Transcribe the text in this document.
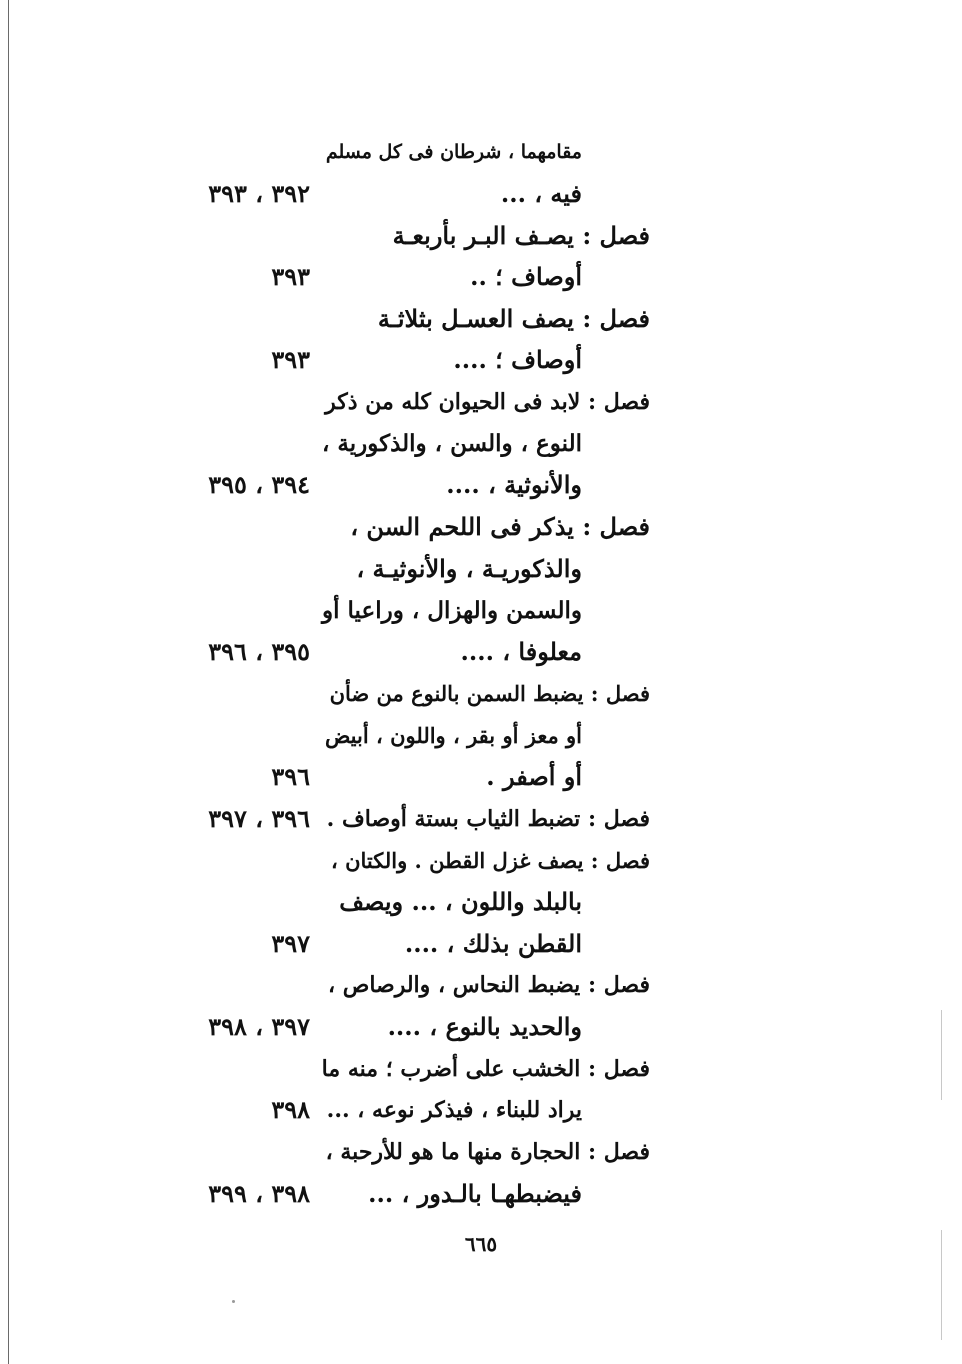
مقامهما ، شرطان فى كل مسلم
فيه ، ...
٣٩٢ ، ٣٩٣
فصل : يصـف البـر بأربعـة
أوصاف ؛ ..
٣٩٣
فصل : يصف العسـل بثلاثـة
أوصاف ؛ ....
٣٩٣
فصل : لابد فى الحيوان كله من ذكر
النوع ، والسن ، والذكورية ،
والأنوثية ، ....
٣٩٤ ، ٣٩٥
فصل : يذكر فى اللحم السن ،
والذكوريـة ، والأنوثيـة ،
والسمن والهزال ، وراعيا أو
معلوفا ، ....
٣٩٥ ، ٣٩٦
فصل : يضبط السمن بالنوع من ضأن
أو معز أو بقر ، واللون ، أبيض
أو أصفر .
٣٩٦
فصل : تضبط الثياب بستة أوصاف .
٣٩٦ ، ٣٩٧
فصل : يصف غزل القطن . والكتان ،
بالبلد واللون ، ... ويصف
القطن بذلك ، ....
٣٩٧
فصل : يضبط النحاس ، والرصاص ،
والحديد بالنوع ، ....
٣٩٧ ، ٣٩٨
فصل : الخشب على أضرب ؛ منه ما
يراد للبناء ، فيذكر نوعه ، ...
٣٩٨
فصل : الحجارة منها ما هو للأرحبة ،
فيضبطهـا بالـدور ، ...
٣٩٨ ، ٣٩٩
٦٦٥
